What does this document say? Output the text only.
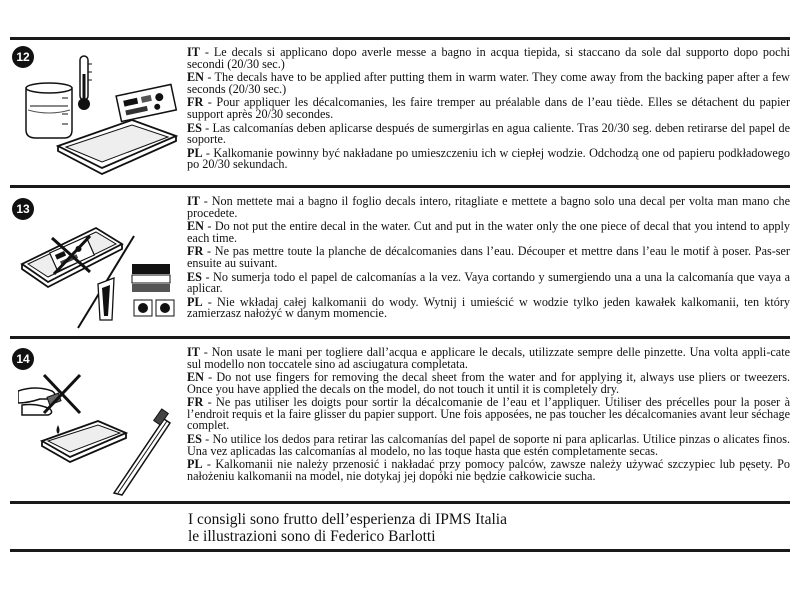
12	IT - Le decals si applicano dopo averle messe a bagno in acqua tiepida, si staccano da sole dal supporto dopo pochi secondi (20/30 sec.)

EN - The decals have to be applied after putting them in warm water. They come away from the backing paper after a few seconds (20/30 sec.)

FR - Pour appliquer les décalcomanies, les faire tremper au préalable dans de l’eau tiède. Elles se détachent du papier support après 20/30 secondes.

ES - Las calcomanías deben aplicarse después de sumergirlas en agua caliente. Tras 20/30 seg. deben retirarse del papel de soporte.

PL - Kalkomanie powinny być nakładane po umieszczeniu ich w ciepłej wodzie. Odchodzą one od papieru podkładowego po 20/30 sekundach.

13

IT - Non mettete mai a bagno il foglio decals intero, ritagliate e mettete a bagno solo una decal per volta man mano che procedete.

EN - Do not put the entire decal in the water. Cut and put in the water only the one piece of decal that you intend to apply each time.

FR - Ne pas mettre toute la planche de décalcomanies dans l’eau. Découper et mettre dans l’eau le motif à poser. Pas-ser ensuite au suivant.

ES - No sumerja todo el papel de calcomanías a la vez. Vaya cortando y sumergiendo una a una la calcomanía que vaya a aplicar.

PL - Nie wkładaj całej kalkomanii do wody. Wytnij i umieścić w wodzie tylko jeden kawałek kalkomanii, ten który zamierzasz nałożyć w danym momencie.

14	IT - Non usate le mani per togliere dall’acqua e applicare le decals, utilizzate sempre delle pinzette. Una volta appli-cate sul modello non toccatele sino ad asciugatura completata.

EN - Do not use fingers for removing the decal sheet from the water and for applying it, always use pliers or tweezers. Once you have applied the decals on the model, do not touch it until it is completely dry.

FR - Ne pas utiliser les doigts pour sortir la décalcomanie de l’eau et l’appliquer. Utiliser des précelles pour la poser à l’endroit requis et la faire glisser du papier support. Une fois apposées, ne pas toucher les décalcomanies avant leur séchage complet.

ES - No utilice los dedos para retirar las calcomanías del papel de soporte ni para aplicarlas. Utilice pinzas o alicates finos. Una vez aplicadas las calcomanías al modelo, no las toque hasta que estén completamente secas.

PL - Kalkomanii nie należy przenosić i nakładać przy pomocy palców, zawsze należy używać szczypiec lub pęsety. Po nałożeniu kalkomanii na model, nie dotykaj jej dopóki nie będzie całkowicie sucha.

I consigli sono frutto dell’esperienza di IPMS Italia
le illustrazioni sono di Federico Barlotti
